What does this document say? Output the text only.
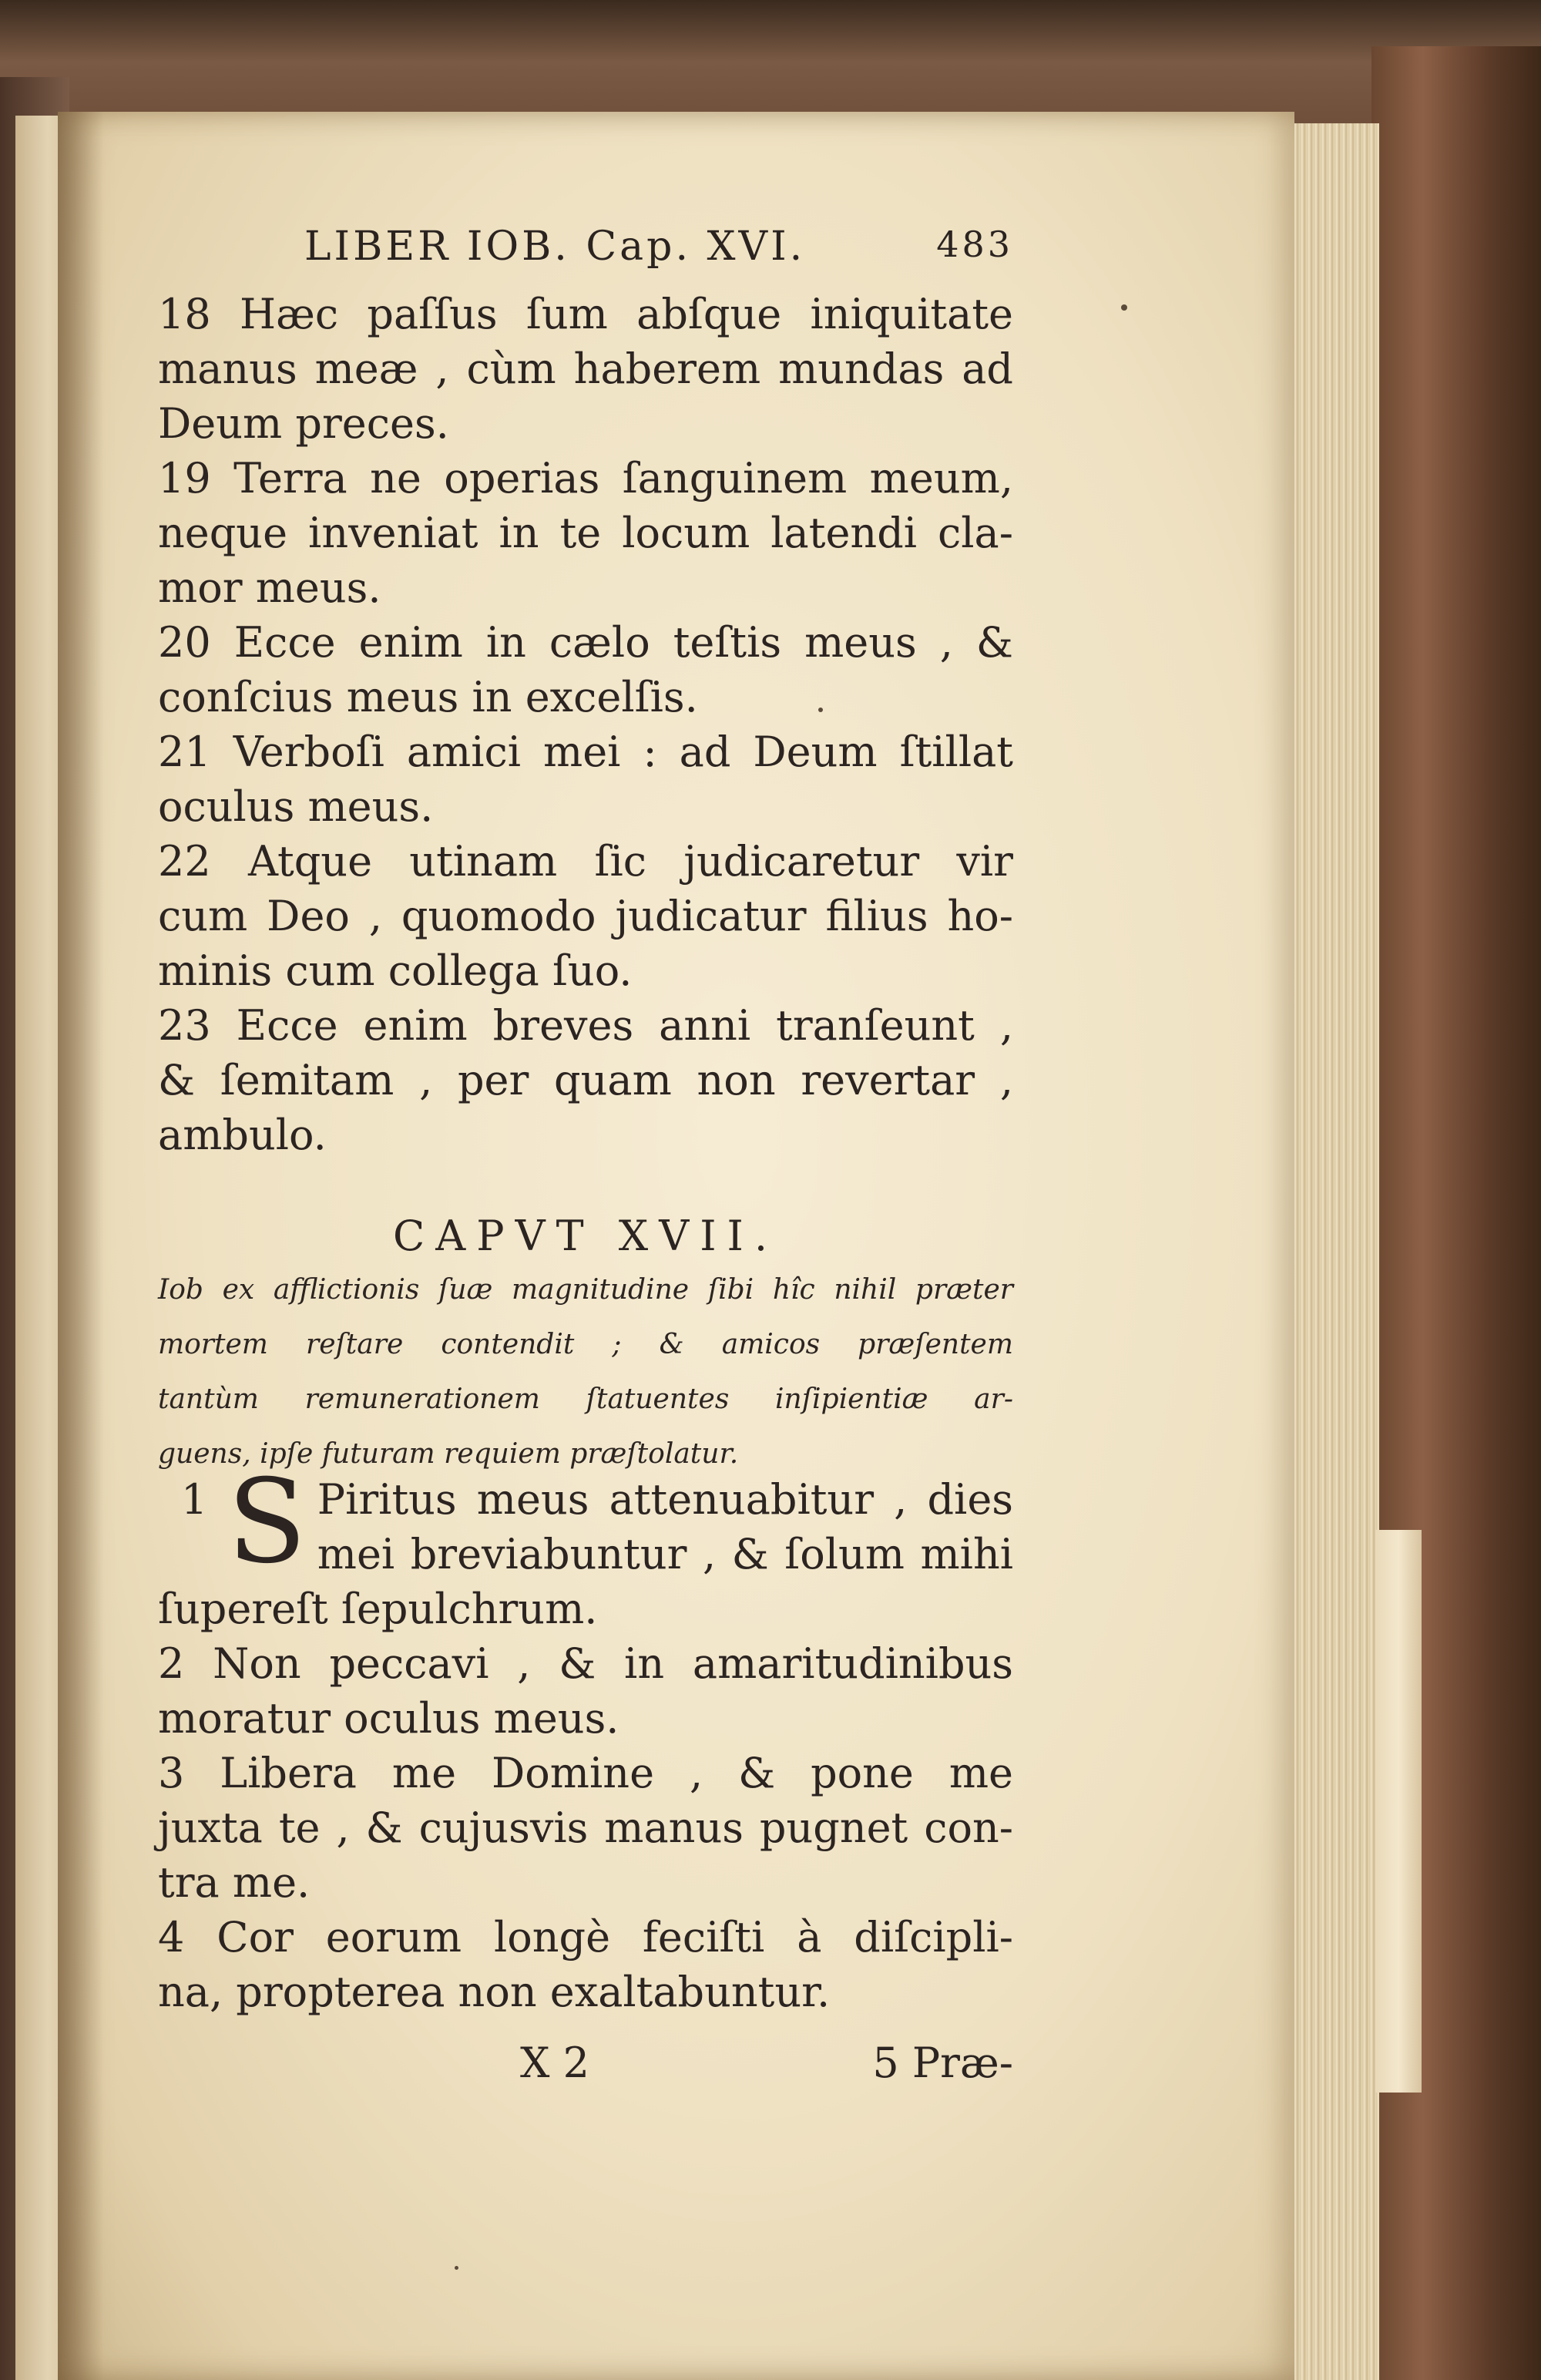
LIBER IOB. Cap. XVI.	483
18 Hæc paſſus ſum abſque iniquitate
manus meæ , cùm haberem mundas ad
Deum preces.
19 Terra ne operias ſanguinem meum,
neque inveniat in te locum latendi cla-
mor meus.
20 Ecce enim in cælo teſtis meus , &
conſcius meus in excelſis.
21 Verboſi amici mei : ad Deum ſtillat
oculus meus.
22 Atque utinam ſic judicaretur vir
cum Deo , quomodo judicatur filius ho-
minis cum collega ſuo.
23 Ecce enim breves anni tranſeunt ,
& ſemitam , per quam non revertar ,
ambulo.
CAPVT XVII.
Iob ex afflictionis ſuæ magnitudine ſibi hîc nihil præter
mortem reſtare contendit ; & amicos præſentem
tantùm remunerationem ſtatuentes inſipientiæ ar-
guens, ipſe futuram requiem præſtolatur.
1 S Piritus meus attenuabitur , dies
mei breviabuntur , & ſolum mihi
ſupereſt ſepulchrum.
2 Non peccavi , & in amaritudinibus
moratur oculus meus.
3 Libera me Domine , & pone me
juxta te , & cujusvis manus pugnet con-
tra me.
4 Cor eorum longè feciſti à diſcipli-
na, propterea non exaltabuntur.
X 2	5 Præ-
